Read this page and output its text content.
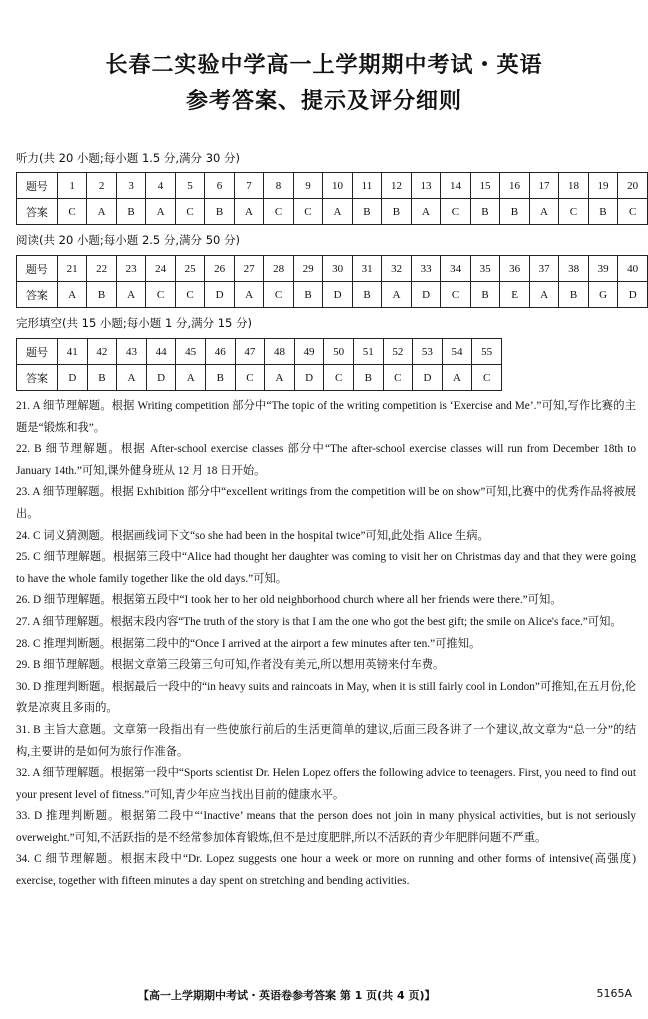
长春二实验中学高一上学期期中考试・英语
参考答案、提示及评分细则
听力(共 20 小题;每小题 1.5 分,满分 30 分)
题号	1	2	3	4	5	6	7	8	9	10	11	12	13	14	15	16	17	18	19	20
答案	C	A	B	A	C	B	A	C	C	A	B	B	A	C	B	B	A	C	B	C
阅读(共 20 小题;每小题 2.5 分,满分 50 分)
题号	21	22	23	24	25	26	27	28	29	30	31	32	33	34	35	36	37	38	39	40
答案	A	B	A	C	C	D	A	C	B	D	B	A	D	C	B	E	A	B	G	D
完形填空(共 15 小题;每小题 1 分,满分 15 分)
题号	41	42	43	44	45	46	47	48	49	50	51	52	53	54	55
答案	D	B	A	D	A	B	C	A	D	C	B	C	D	A	C

21. A 细节理解题。根据 Writing competition 部分中“The topic of the writing competition is ‘Exercise and Me’.”可知,写作比赛的主题是“锻炼和我”。

22. B 细节理解题。根据 After-school exercise classes 部分中“The after-school exercise classes will run from December 18th to January 14th.”可知,课外健身班从 12 月 18 日开始。

23. A 细节理解题。根据 Exhibition 部分中“excellent writings from the competition will be on show”可知,比赛中的优秀作品将被展出。

24. C 词义猜测题。根据画线词下文“so she had been in the hospital twice”可知,此处指 Alice 生病。

25. C 细节理解题。根据第三段中“Alice had thought her daughter was coming to visit her on Christmas day and that they were going to have the whole family together like the old days.”可知。

26. D 细节理解题。根据第五段中“I took her to her old neighborhood church where all her friends were there.”可知。

27. A 细节理解题。根据末段内容“The truth of the story is that I am the one who got the best gift; the smile on Alice's face.”可知。

28. C 推理判断题。根据第二段中的“Once I arrived at the airport a few minutes after ten.”可推知。

29. B 细节理解题。根据文章第三段第三句可知,作者没有美元,所以想用英镑来付车费。

30. D 推理判断题。根据最后一段中的“in heavy suits and raincoats in May, when it is still fairly cool in London”可推知,在五月份,伦敦是凉爽且多雨的。

31. B 主旨大意题。文章第一段指出有一些使旅行前后的生活更简单的建议,后面三段各讲了一个建议,故文章为“总一分”的结构,主要讲的是如何为旅行作准备。

32. A 细节理解题。根据第一段中“Sports scientist Dr. Helen Lopez offers the following advice to teenagers. First, you need to find out your present level of fitness.”可知,青少年应当找出目前的健康水平。

33. D 推理判断题。根据第二段中“‘Inactive’ means that the person does not join in many physical activities, but is not seriously overweight.”可知,不活跃指的是不经常参加体育锻炼,但不是过度肥胖,所以不活跃的青少年肥胖问题不严重。

34. C 细节理解题。根据末段中“Dr. Lopez suggests one hour a week or more on running and other forms of intensive(高强度) exercise, together with fifteen minutes a day spent on stretching and bending activities.

【高一上学期期中考试・英语卷参考答案 第 1 页(共 4 页)】	5165A
